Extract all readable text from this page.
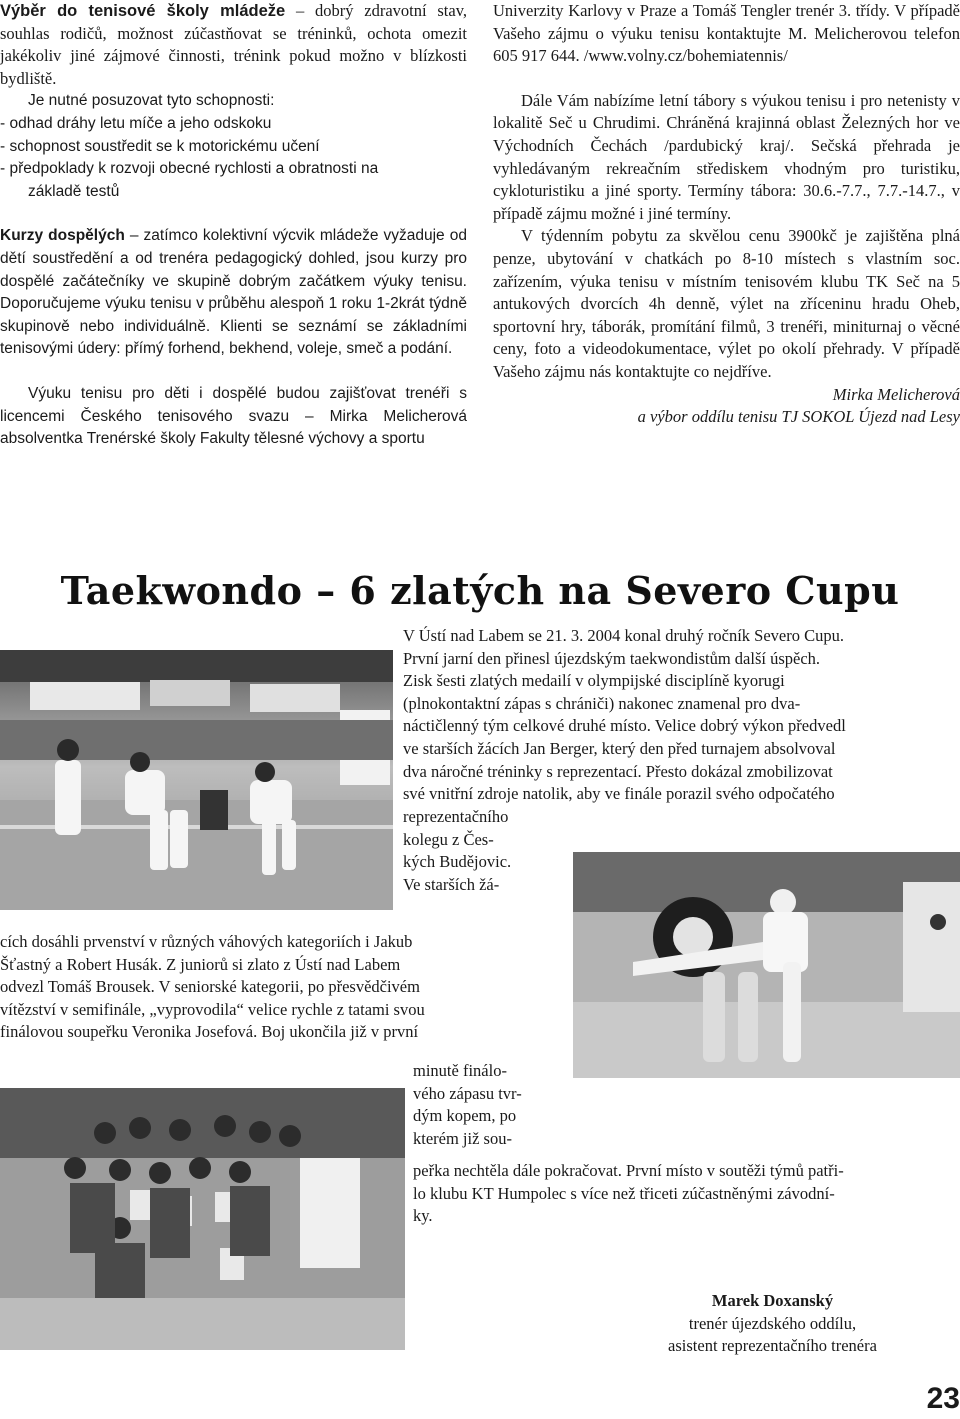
Výběr do tenisové školy mládeže – dobrý zdravotní stav, souhlas rodičů, možnost zúčastňovat se tréninků, ochota omezit jakékoliv jiné zájmové činnosti, trénink pokud možno v blízkosti bydliště.

Je nutné posuzovat tyto schopnosti:

- odhad dráhy letu míče a jeho odskoku
- schopnost soustředit se k motorickému učení
- předpoklady k rozvoji obecné rychlosti a obratnosti na
základě testů

Kurzy dospělých – zatímco kolektivní výcvik mládeže vyžaduje od dětí soustředění a od trenéra pedagogický dohled, jsou kurzy pro dospělé začátečníky ve skupině dobrým začátkem výuky tenisu. Doporučujeme výuku tenisu v průběhu alespoň 1 roku 1-2krát týdně skupinově nebo individuálně. Klienti se seznámí se základními tenisovými údery: přímý forhend, bekhend, voleje, smeč a podání.

Výuku tenisu pro děti i dospělé budou zajišťovat trenéři s licencemi Českého tenisového svazu – Mirka Melicherová absolventka Trenérské školy Fakulty tělesné výchovy a sportu

Univerzity Karlovy v Praze a Tomáš Tengler trenér 3. třídy. V případě Vašeho zájmu o výuku tenisu kontaktujte M. Melicherovou telefon 605 917 644. /www.volny.cz/bohemiatennis/

Dále Vám nabízíme letní tábory s výukou tenisu i pro netenisty v lokalitě Seč u Chrudimi. Chráněná krajinná oblast Železných hor ve Východních Čechách /pardubický kraj/. Sečská přehrada je vyhledávaným rekreačním střediskem vhodným pro turistiku, cykloturistiku a jiné sporty. Termíny tábora: 30.6.-7.7., 7.7.-14.7., v případě zájmu možné i jiné termíny.

V týdenním pobytu za skvělou cenu 3900kč je zajištěna plná penze, ubytování v chatkách po 8-10 místech s vlastním soc. zařízením, výuka tenisu v místním tenisovém klubu TK Seč na 5 antukových dvorcích 4h denně, výlet na zříceninu hradu Oheb, sportovní hry, táborák, promítání filmů, 3 trenéři, miniturnaj o věcné ceny, foto a videodokumentace, výlet po okolí přehrady. V případě Vašeho zájmu nás kontaktujte co nejdříve.

Mirka Melicherová

a výbor oddílu tenisu TJ SOKOL Újezd nad Lesy

Taekwondo – 6 zlatých na Severo Cupu
V Ústí nad Labem se 21. 3. 2004 konal druhý ročník Severo Cupu.
První jarní den přinesl újezdským taekwondistům další úspěch.
Zisk šesti zlatých medailí v olympijské disciplíně kyorugi
(plnokontaktní zápas s chrániči) nakonec znamenal pro dva-
náctičlenný tým celkové druhé místo. Velice dobrý výkon předvedl
ve starších žácích Jan Berger, který den před turnajem absolvoval
dva náročné tréninky s reprezentací. Přesto dokázal zmobilizovat
své vnitřní zdroje natolik, aby ve finále porazil svého odpočatého
reprezentačního
kolegu z Čes-
kých Budějovic.
Ve starších žá-
cích dosáhli prvenství v různých váhových kategoriích i Jakub
Šťastný a Robert Husák. Z juniorů si zlato z Ústí nad Labem
odvezl Tomáš Brousek. V seniorské kategorii, po přesvědčivém
vítězství v semifinále, „vyprovodila“ velice rychle z tatami svou
finálovou soupeřku Veronika Josefová. Boj ukončila již v první
minutě finálo-
vého zápasu tvr-
dým kopem, po
kterém již sou-
peřka nechtěla dále pokračovat. První místo v soutěži týmů patři-
lo klubu KT Humpolec s více než třiceti zúčastněnými závodní-
ky.
Marek Doxanský
trenér újezdského oddílu,
asistent reprezentačního trenéra

23
